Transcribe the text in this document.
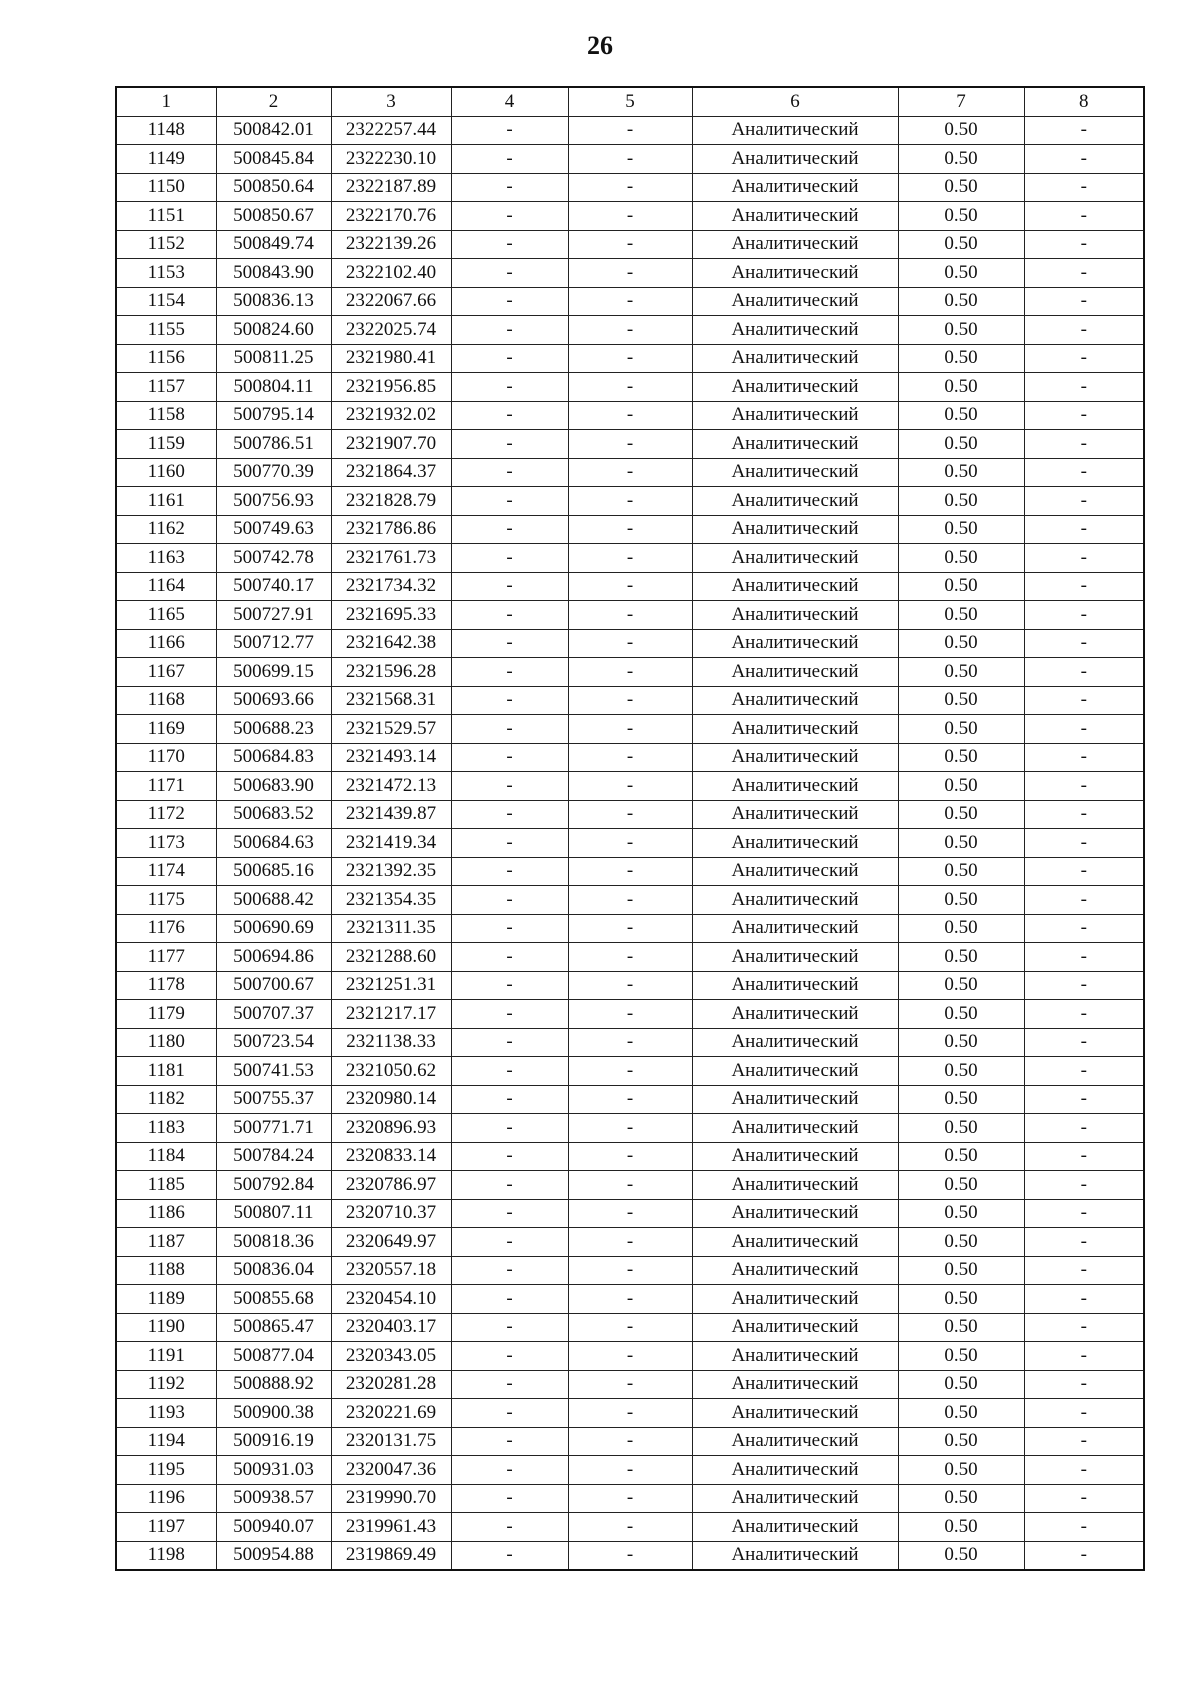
26
1	2	3	4	5	6	7	8
1148	500842.01	2322257.44	-	-	Аналитический	0.50	-
1149	500845.84	2322230.10	-	-	Аналитический	0.50	-
1150	500850.64	2322187.89	-	-	Аналитический	0.50	-
1151	500850.67	2322170.76	-	-	Аналитический	0.50	-
1152	500849.74	2322139.26	-	-	Аналитический	0.50	-
1153	500843.90	2322102.40	-	-	Аналитический	0.50	-
1154	500836.13	2322067.66	-	-	Аналитический	0.50	-
1155	500824.60	2322025.74	-	-	Аналитический	0.50	-
1156	500811.25	2321980.41	-	-	Аналитический	0.50	-
1157	500804.11	2321956.85	-	-	Аналитический	0.50	-
1158	500795.14	2321932.02	-	-	Аналитический	0.50	-
1159	500786.51	2321907.70	-	-	Аналитический	0.50	-
1160	500770.39	2321864.37	-	-	Аналитический	0.50	-
1161	500756.93	2321828.79	-	-	Аналитический	0.50	-
1162	500749.63	2321786.86	-	-	Аналитический	0.50	-
1163	500742.78	2321761.73	-	-	Аналитический	0.50	-
1164	500740.17	2321734.32	-	-	Аналитический	0.50	-
1165	500727.91	2321695.33	-	-	Аналитический	0.50	-
1166	500712.77	2321642.38	-	-	Аналитический	0.50	-
1167	500699.15	2321596.28	-	-	Аналитический	0.50	-
1168	500693.66	2321568.31	-	-	Аналитический	0.50	-
1169	500688.23	2321529.57	-	-	Аналитический	0.50	-
1170	500684.83	2321493.14	-	-	Аналитический	0.50	-
1171	500683.90	2321472.13	-	-	Аналитический	0.50	-
1172	500683.52	2321439.87	-	-	Аналитический	0.50	-
1173	500684.63	2321419.34	-	-	Аналитический	0.50	-
1174	500685.16	2321392.35	-	-	Аналитический	0.50	-
1175	500688.42	2321354.35	-	-	Аналитический	0.50	-
1176	500690.69	2321311.35	-	-	Аналитический	0.50	-
1177	500694.86	2321288.60	-	-	Аналитический	0.50	-
1178	500700.67	2321251.31	-	-	Аналитический	0.50	-
1179	500707.37	2321217.17	-	-	Аналитический	0.50	-
1180	500723.54	2321138.33	-	-	Аналитический	0.50	-
1181	500741.53	2321050.62	-	-	Аналитический	0.50	-
1182	500755.37	2320980.14	-	-	Аналитический	0.50	-
1183	500771.71	2320896.93	-	-	Аналитический	0.50	-
1184	500784.24	2320833.14	-	-	Аналитический	0.50	-
1185	500792.84	2320786.97	-	-	Аналитический	0.50	-
1186	500807.11	2320710.37	-	-	Аналитический	0.50	-
1187	500818.36	2320649.97	-	-	Аналитический	0.50	-
1188	500836.04	2320557.18	-	-	Аналитический	0.50	-
1189	500855.68	2320454.10	-	-	Аналитический	0.50	-
1190	500865.47	2320403.17	-	-	Аналитический	0.50	-
1191	500877.04	2320343.05	-	-	Аналитический	0.50	-
1192	500888.92	2320281.28	-	-	Аналитический	0.50	-
1193	500900.38	2320221.69	-	-	Аналитический	0.50	-
1194	500916.19	2320131.75	-	-	Аналитический	0.50	-
1195	500931.03	2320047.36	-	-	Аналитический	0.50	-
1196	500938.57	2319990.70	-	-	Аналитический	0.50	-
1197	500940.07	2319961.43	-	-	Аналитический	0.50	-
1198	500954.88	2319869.49	-	-	Аналитический	0.50	-
